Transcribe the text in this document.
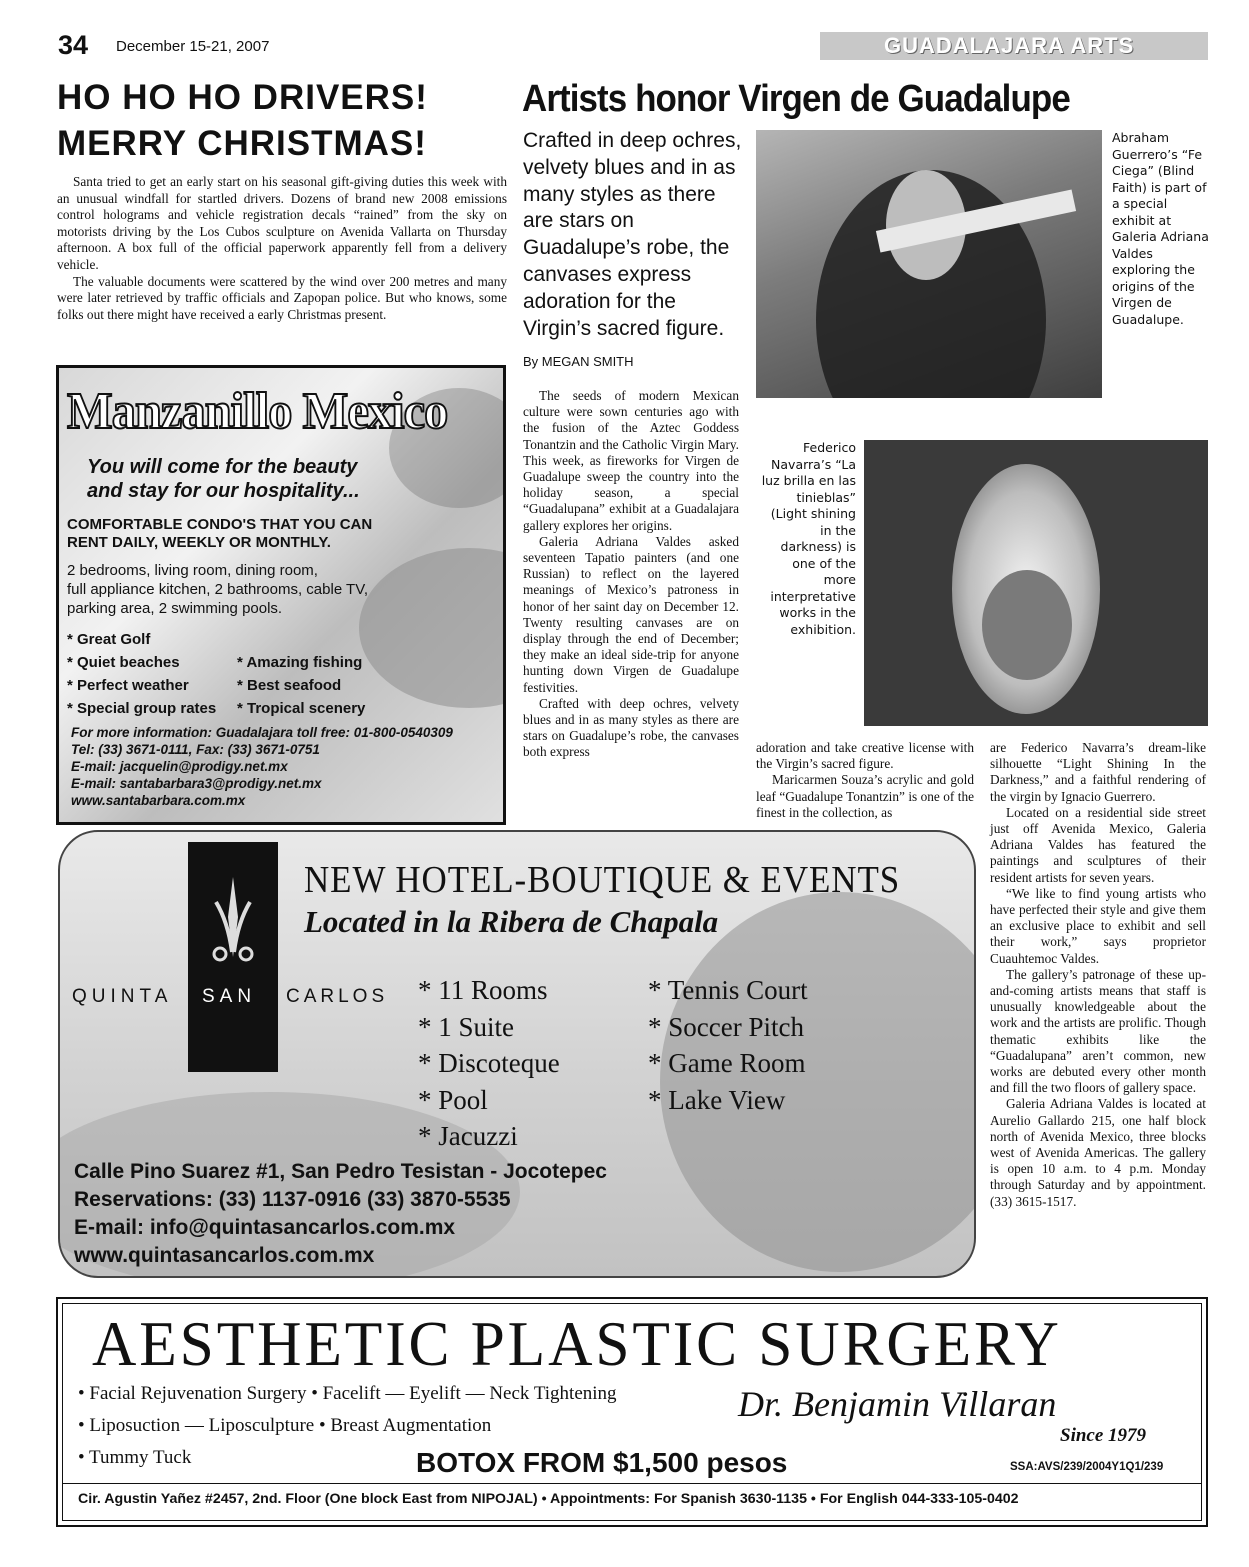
34 December 15-21, 2007	GUADALAJARA ARTS
HO HO HO DRIVERS!
MERRY CHRISTMAS!

Santa tried to get an early start on his seasonal gift-giving duties this week with an unusual windfall for startled drivers. Dozens of brand new 2008 emissions control holograms and vehicle registration decals “rained” from the sky on motorists driving by the Los Cubos sculpture on Avenida Vallarta on Thursday afternoon. A box full of the official paperwork apparently fell from a delivery vehicle.

The valuable documents were scattered by the wind over 200 metres and many were later retrieved by traffic officials and Zapopan police. But who knows, some folks out there might have received a early Christmas present.

Manzanillo Mexico
You will come for the beauty
and stay for our hospitality...
COMFORTABLE CONDO'S THAT YOU CAN
RENT DAILY, WEEKLY OR MONTHLY.
2 bedrooms, living room, dining room,
full appliance kitchen, 2 bathrooms, cable TV,
parking area, 2 swimming pools.
* Great Golf
* Quiet beaches
* Perfect weather
* Special group rates
* Amazing fishing
* Best seafood
* Tropical scenery
For more information: Guadalajara toll free: 01-800-0540309
Tel: (33) 3671-0111, Fax: (33) 3671-0751
E-mail: jacquelin@prodigy.net.mx
E-mail: santabarbara3@prodigy.net.mx
www.santabarbara.com.mx
Artists honor Virgen de Guadalupe
Crafted in deep ochres, velvety blues and in as many styles as there are stars on Guadalupe’s robe, the canvases express adoration for the Virgin’s sacred figure.
By MEGAN SMITH
Abraham Guerrero’s “Fe Ciega” (Blind Faith) is part of a special exhibit at Galeria Adriana Valdes exploring the origins of the Virgen de Guadalupe.
Federico Navarra’s “La luz brilla en las tinieblas” (Light shining in the darkness) is one of the more interpretative works in the exhibition.

The seeds of modern Mexican culture were sown centuries ago with the fusion of the Aztec Goddess Tonantzin and the Catholic Virgin Mary. This week, as fireworks for Virgen de Guadalupe sweep the country into the holiday season, a special “Guadalupana” exhibit at a Guadalajara gallery explores her origins.

Galeria Adriana Valdes asked seventeen Tapatio painters (and one Russian) to reflect on the layered meanings of Mexico’s patroness in honor of her saint day on December 12. Twenty resulting canvases are on display through the end of December; they make an ideal side-trip for anyone hunting down Virgen de Guadalupe festivities.

Crafted with deep ochres, velvety blues and in as many styles as there are stars on Guadalupe’s robe, the canvases both express	adoration and take creative license with the Virgin’s sacred figure.

Maricarmen Souza’s acrylic and gold leaf “Guadalupe Tonantzin” is one of the finest in the collection, as

are Federico Navarra’s dream-like silhouette “Light Shining In the Darkness,” and a faithful rendering of the virgin by Ignacio Guerrero.

Located on a residential side street just off Avenida Mexico, Galeria Adriana Valdes has featured the paintings and sculptures of their resident artists for seven years.

“We like to find young artists who have perfected their style and give them an exclusive place to exhibit and sell their work,” says proprietor Cuauhtemoc Valdes.

The gallery’s patronage of these up-and-coming artists means that staff is unusually knowledgeable about the work and the artists are prolific. Though thematic exhibits like the “Guadalupana” aren’t common, new works are debuted every other month and fill the two floors of gallery space.

Galeria Adriana Valdes is located at Aurelio Gallardo 215, one half block north of Avenida Mexico, three blocks west of Avenida Americas. The gallery is open 10 a.m. to 4 p.m. Monday through Saturday and by appointment. (33) 3615-1517.

QUINTA SAN CARLOS
NEW HOTEL-BOUTIQUE & EVENTS
Located in la Ribera de Chapala
* 11 Rooms
* 1 Suite
* Discoteque
* Pool
* Jacuzzi
* Tennis Court
* Soccer Pitch
* Game Room
* Lake View
Calle Pino Suarez #1, San Pedro Tesistan - Jocotepec
Reservations: (33) 1137-0916 (33) 3870-5535
E-mail: info@quintasancarlos.com.mx
www.quintasancarlos.com.mx
AESTHETIC PLASTIC SURGERY
• Facial Rejuvenation Surgery • Facelift — Eyelift — Neck Tightening
• Liposuction — Liposculpture • Breast Augmentation
• Tummy Tuck
Dr. Benjamin Villaran
Since 1979
BOTOX FROM $1,500 pesos	SSA:AVS/239/2004Y1Q1/239
Cir. Agustin Yañez #2457, 2nd. Floor (One block East from NIPOJAL) • Appointments: For Spanish 3630-1135 • For English 044-333-105-0402
